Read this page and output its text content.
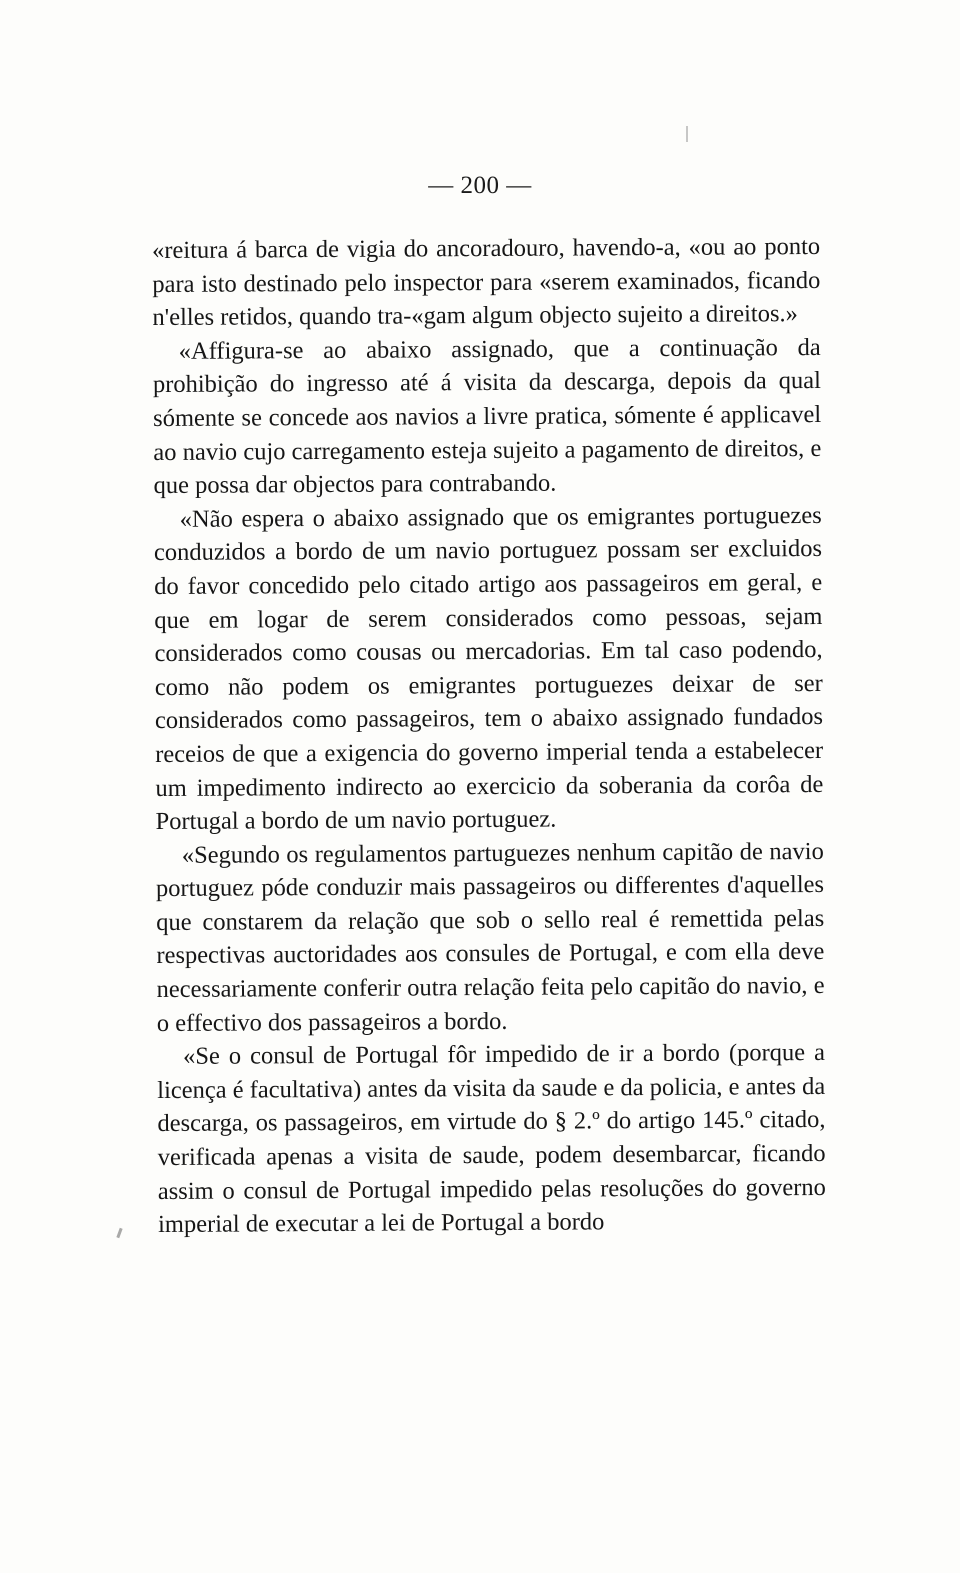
— 200 —

«reitura á barca de vigia do ancoradouro, havendo-a, «ou ao ponto para isto destinado pelo inspector para «serem examinados, ficando n'elles retidos, quando tra-«gam algum objecto sujeito a direitos.»

«Affigura-se ao abaixo assignado, que a continuação da prohibição do ingresso até á visita da descarga, depois da qual sómente se concede aos navios a livre pratica, sómente é applicavel ao navio cujo carregamento esteja sujeito a pagamento de direitos, e que possa dar objectos para contrabando.

«Não espera o abaixo assignado que os emigrantes portuguezes conduzidos a bordo de um navio portuguez possam ser excluidos do favor concedido pelo citado artigo aos passageiros em geral, e que em logar de serem considerados como pessoas, sejam considerados como cousas ou mercadorias. Em tal caso podendo, como não podem os emigrantes portuguezes deixar de ser considerados como passageiros, tem o abaixo assignado fundados receios de que a exigencia do governo imperial tenda a estabelecer um impedimento indirecto ao exercicio da soberania da corôa de Portugal a bordo de um navio portuguez.

«Segundo os regulamentos partuguezes nenhum capitão de navio portuguez póde conduzir mais passageiros ou differentes d'aquelles que constarem da relação que sob o sello real é remettida pelas respectivas auctoridades aos consules de Portugal, e com ella deve necessariamente conferir outra relação feita pelo capitão do navio, e o effectivo dos passageiros a bordo.

«Se o consul de Portugal fôr impedido de ir a bordo (porque a licença é facultativa) antes da visita da saude e da policia, e antes da descarga, os passageiros, em virtude do § 2.º do artigo 145.º citado, verificada apenas a visita de saude, podem desembarcar, ficando assim o consul de Portugal impedido pelas resoluções do governo imperial de executar a lei de Portugal a bordo
